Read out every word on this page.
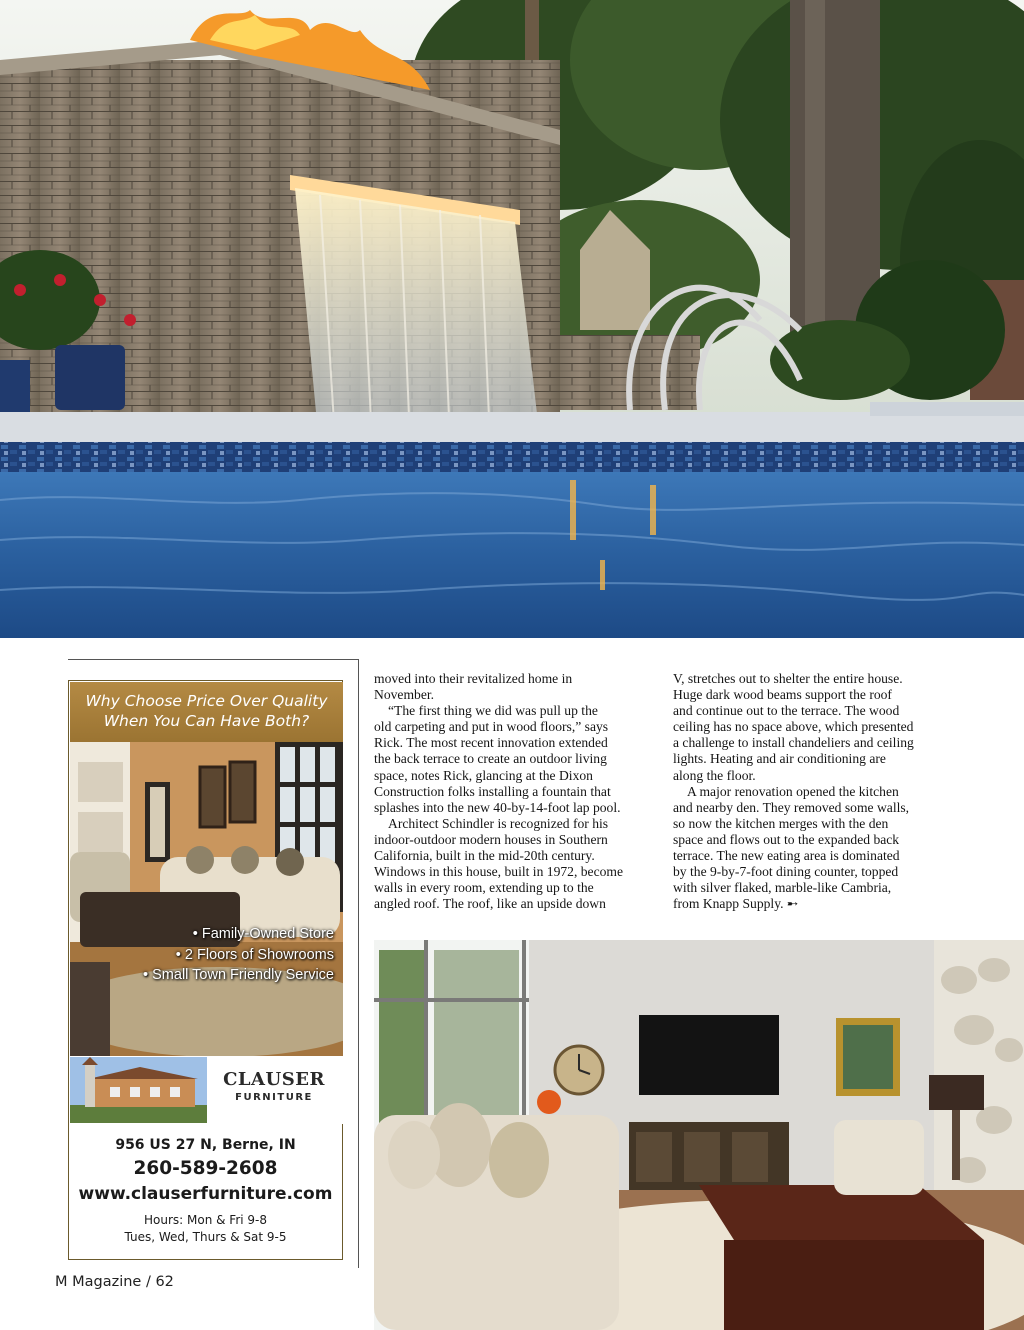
Why Choose Price Over Quality
When You Can Have Both?
• Family-Owned Store
• 2 Floors of Showrooms
• Small Town Friendly Service
CLAUSER
FURNITURE
956 US 27 N, Berne, IN
260-589-2608
www.clauserfurniture.com
Hours: Mon & Fri 9-8
Tues, Wed, Thurs & Sat 9-5
M Magazine / 62

moved into their revitalized home in

November.

“The first thing we did was pull up the

old carpeting and put in wood floors,” says

Rick. The most recent innovation extended

the back terrace to create an outdoor living

space, notes Rick, glancing at the Dixon

Construction folks installing a fountain that

splashes into the new 40-by-14-foot lap pool.

Architect Schindler is recognized for his

indoor-outdoor modern houses in Southern

California, built in the mid-20th century.

Windows in this house, built in 1972, become

walls in every room, extending up to the

angled roof. The roof, like an upside down

V, stretches out to shelter the entire house.

Huge dark wood beams support the roof

and continue out to the terrace. The wood

ceiling has no space above, which presented

a challenge to install chandeliers and ceiling

lights. Heating and air conditioning are

along the floor.

A major renovation opened the kitchen

and nearby den. They removed some walls,

so now the kitchen merges with the den

space and flows out to the expanded back

terrace. The new eating area is dominated

by the 9-by-7-foot dining counter, topped

with silver flaked, marble-like Cambria,

from Knapp Supply. ➸
